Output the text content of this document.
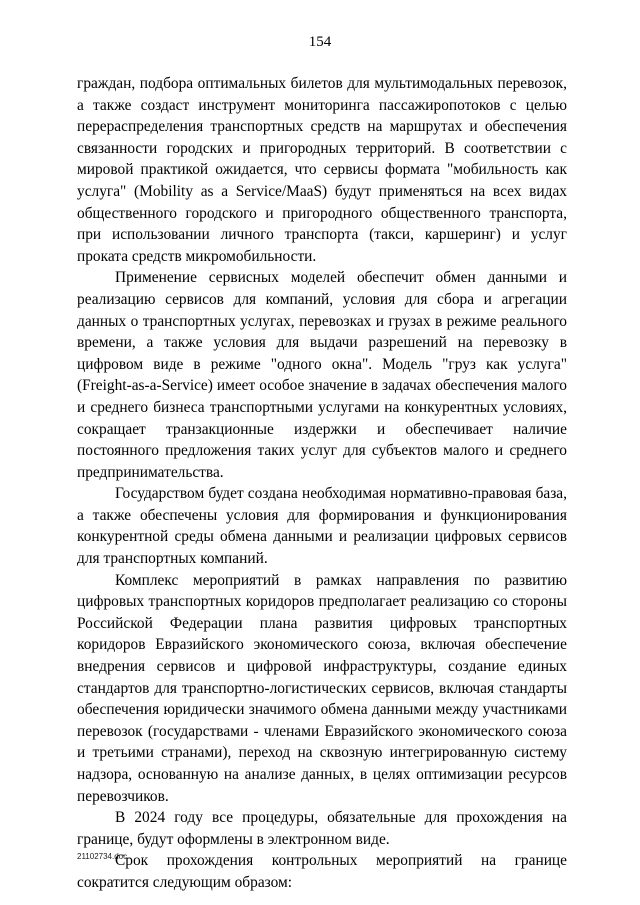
154

граждан, подбора оптимальных билетов для мультимодальных перевозок, а также создаст инструмент мониторинга пассажиропотоков с целью перераспределения транспортных средств на маршрутах и обеспечения связанности городских и пригородных территорий. В соответствии с мировой практикой ожидается, что сервисы формата "мобильность как услуга" (Mobility as a Service/MaaS) будут применяться на всех видах общественного городского и пригородного общественного транспорта, при использовании личного транспорта (такси, каршеринг) и услуг проката средств микромобильности.

Применение сервисных моделей обеспечит обмен данными и реализацию сервисов для компаний, условия для сбора и агрегации данных о транспортных услугах, перевозках и грузах в режиме реального времени, а также условия для выдачи разрешений на перевозку в цифровом виде в режиме "одного окна". Модель "груз как услуга" (Freight-as-a-Service) имеет особое значение в задачах обеспечения малого и среднего бизнеса транспортными услугами на конкурентных условиях, сокращает транзакционные издержки и обеспечивает наличие постоянного предложения таких услуг для субъектов малого и среднего предпринимательства.

Государством будет создана необходимая нормативно-правовая база, а также обеспечены условия для формирования и функционирования конкурентной среды обмена данными и реализации цифровых сервисов для транспортных компаний.

Комплекс мероприятий в рамках направления по развитию цифровых транспортных коридоров предполагает реализацию со стороны Российской Федерации плана развития цифровых транспортных коридоров Евразийского экономического союза, включая обеспечение внедрения сервисов и цифровой инфраструктуры, создание единых стандартов для транспортно-логистических сервисов, включая стандарты обеспечения юридически значимого обмена данными между участниками перевозок (государствами - членами Евразийского экономического союза и третьими странами), переход на сквозную интегрированную систему надзора, основанную на анализе данных, в целях оптимизации ресурсов перевозчиков.

В 2024 году все процедуры, обязательные для прохождения на границе, будут оформлены в электронном виде.

Срок прохождения контрольных мероприятий на границе сократится следующим образом:

21102734.doc
